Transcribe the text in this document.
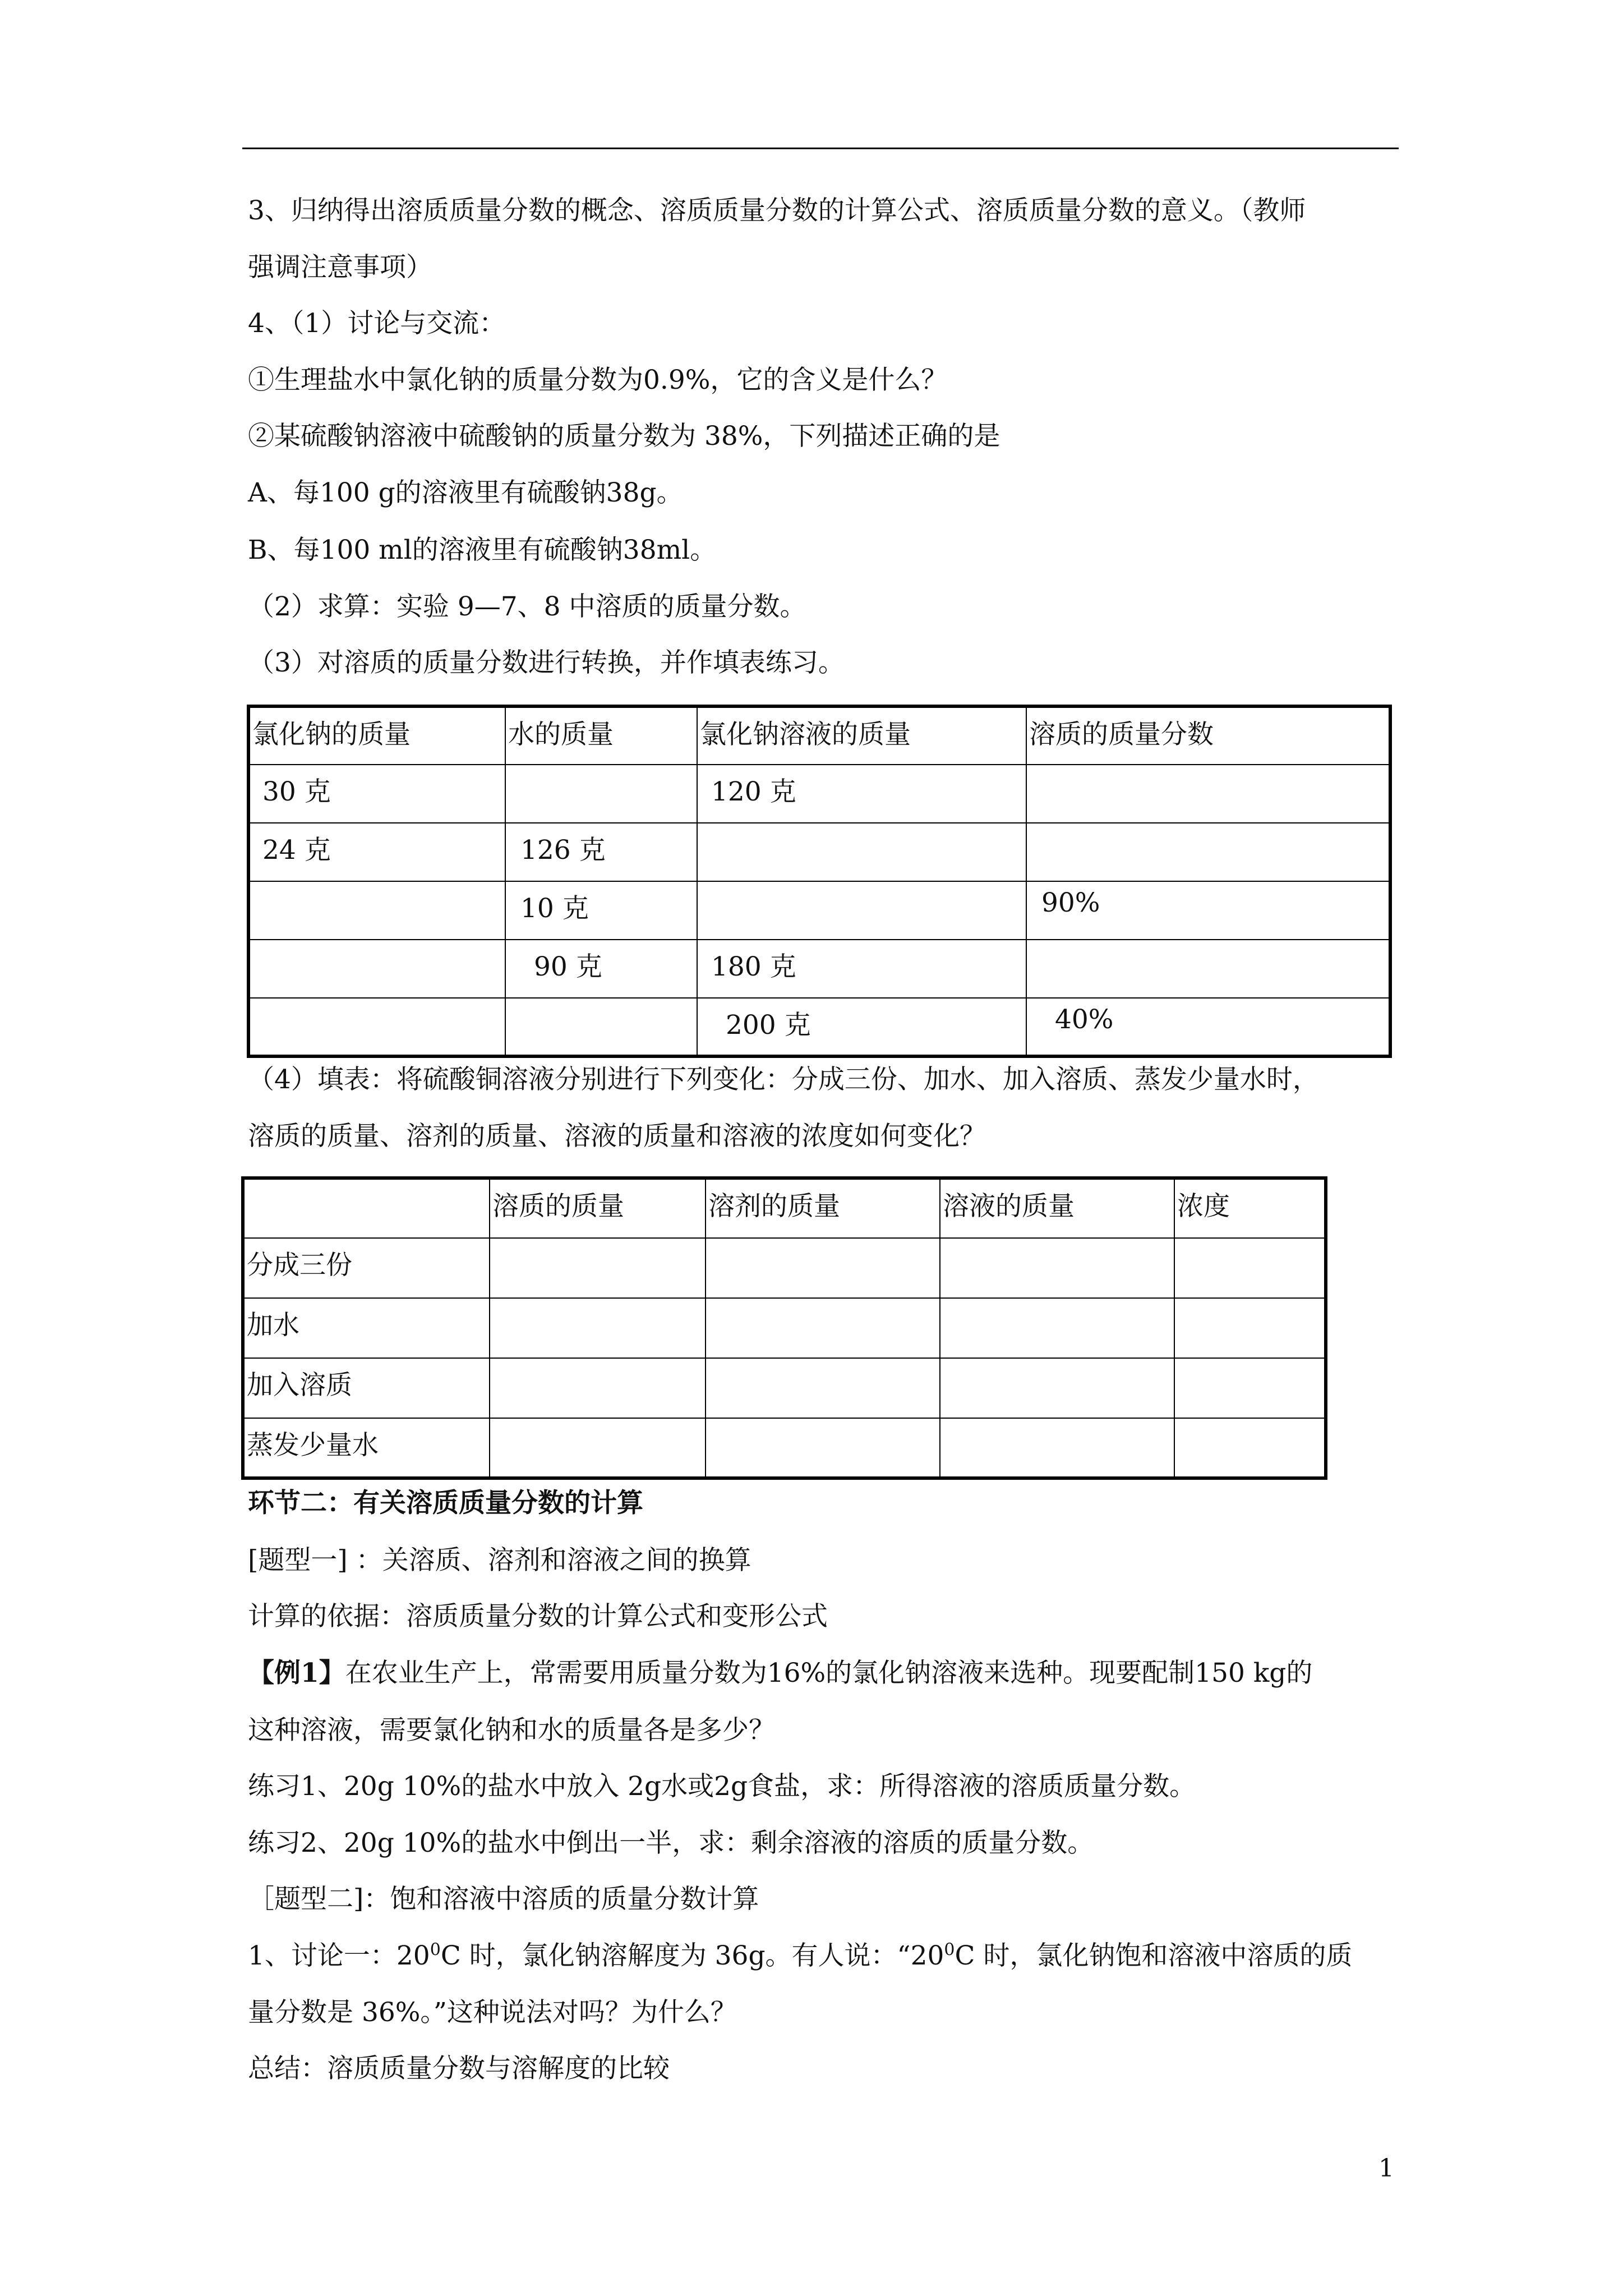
3、归纳得出溶质质量分数的概念、溶质质量分数的计算公式、溶质质量分数的意义。（教师
强调注意事项）
4、（1）讨论与交流：
①生理盐水中氯化钠的质量分数为0.9%，它的含义是什么？
②某硫酸钠溶液中硫酸钠的质量分数为 38%，下列描述正确的是
A、每100 g的溶液里有硫酸钠38g。
B、每100 ml的溶液里有硫酸钠38ml。
（2）求算：实验 9—7、8 中溶质的质量分数。
（3）对溶质的质量分数进行转换，并作填表练习。
氯化钠的质量	水的质量	氯化钠溶液的质量	溶质的质量分数
30 克		120 克	
24 克	126 克		
	10 克		90%
	90 克	180 克	
		200 克	40%
（4）填表：将硫酸铜溶液分别进行下列变化：分成三份、加水、加入溶质、蒸发少量水时，
溶质的质量、溶剂的质量、溶液的质量和溶液的浓度如何变化？
	溶质的质量	溶剂的质量	溶液的质量	浓度
分成三份				
加水				
加入溶质				
蒸发少量水				
环节二：有关溶质质量分数的计算
[题型一] ：关溶质、溶剂和溶液之间的换算
计算的依据：溶质质量分数的计算公式和变形公式
【例1】在农业生产上，常需要用质量分数为16%的氯化钠溶液来选种。现要配制150 kg的
这种溶液，需要氯化钠和水的质量各是多少？
练习1、20g 10%的盐水中放入 2g水或2g食盐，求：所得溶液的溶质质量分数。
练习2、20g 10%的盐水中倒出一半，求：剩余溶液的溶质的质量分数。
［题型二]：饱和溶液中溶质的质量分数计算
1、讨论一：$20^0C$ 时，氯化钠溶解度为 36g。有人说：“$20^0C$ 时，氯化钠饱和溶液中溶质的质
量分数是 36%。”这种说法对吗？为什么？
总结：溶质质量分数与溶解度的比较
1
